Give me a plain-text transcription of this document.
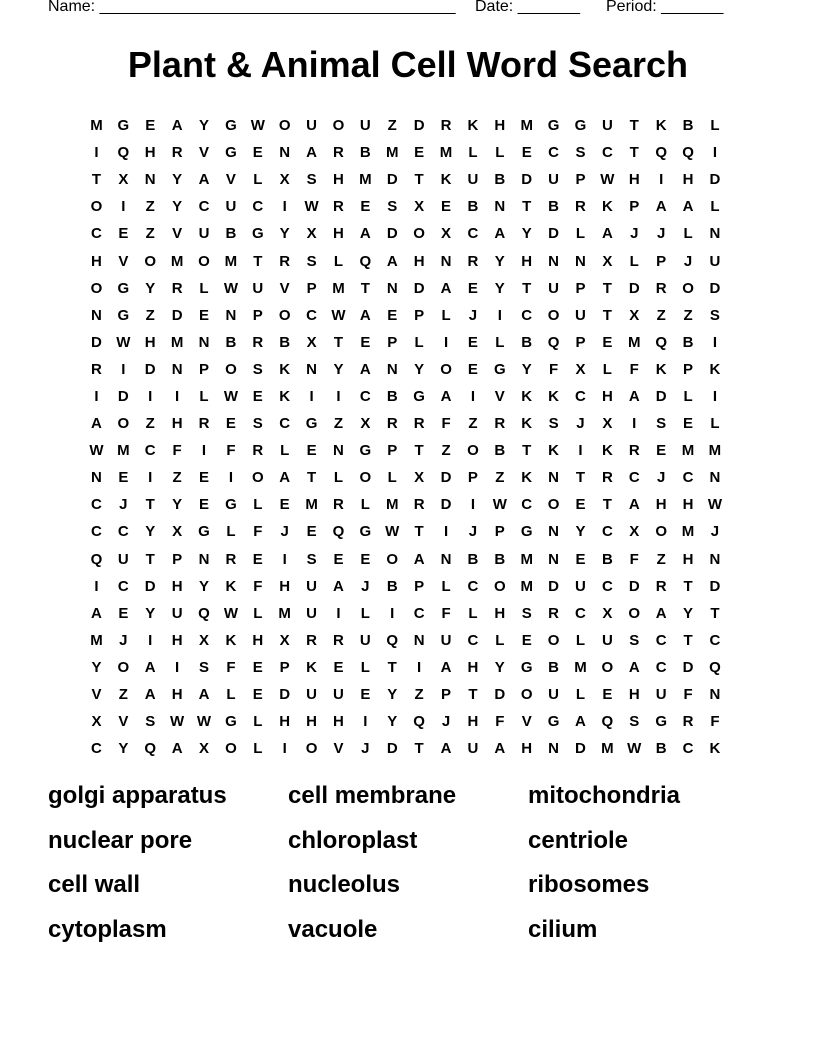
Name: ________________________________________ Date: _______ Period: _______
Plant & Animal Cell Word Search
M G	E	A	Y	G W O	U	O	U	Z	D	R	K	H	M G	G	U	T	K	B	L
I	Q	H	R	V	G	E	N	A	R	B	M	E	M	L	L	E	C	S	C	T	Q	Q	I
T	X	N	Y	A	V	L	X	S	H	M	D	T	K	U	B	D	U	P W H	I	H	D
O	I	Z	Y	C	U	C	I	W R	E	S	X	E	B	N	T	B	R	K	P	A	A	L
C	E	Z	V	U	B	G	Y	X	H	A	D	O	X	C	A	Y	D	L	A	J	J	L	N
H	V	O M O M	T	R	S	L	Q	A	H	N	R	Y	H	N	N	X	L	P	J	U
O	G	Y	R	L	W U	V	P	M	T	N	D	A	E	Y	T	U	P	T	D	R	O	D
N	G	Z	D	E	N	P	O	C W A	E	P	L	J	I	C	O	U	T	X	Z	Z	S
D W H	M	N	B	R	B	X	T	E	P	L	I	E	L	B	Q	P	E	M Q	B	I
R	I	D	N	P	O	S	K	N	Y	A	N	Y	O	E	G	Y	F	X	L	F	K	P	K
I	D	I	I	L	W E	K	I	I	C	B	G	A	I	V	K	K	C	H	A	D	L	I
A	O	Z	H	R	E	S	C	G	Z	X	R	R	F	Z	R	K	S	J	X	I	S	E	L
W M	C	F	I	F	R	L	E	N	G	P	T	Z	O	B	T	K	I	K	R	E	M M
N	E	I	Z	E	I	O	A	T	L	O	L	X	D	P	Z	K	N	T	R	C	J	C	N
C	J	T	Y	E	G	L	E	M	R	L	M	R	D	I	W C	O	E	T	A	H	H W
C	C	Y	X	G	L	F	J	E	Q	G W	T	I	J	P	G	N	Y	C	X	O M	J
Q	U	T	P	N	R	E	I	S	E	E	O	A	N	B	B	M	N	E	B	F	Z	H	N
I	C	D	H	Y	K	F	H	U	A	J	B	P	L	C	O M	D	U	C	D	R	T	D
A	E	Y	U	Q W	L	M	U	I	L	I	C	F	L	H	S	R	C	X	O	A	Y	T
M	J	I	H	X	K	H	X	R	R	U	Q	N	U	C	L	E	O	L	U	S	C	T	C
Y	O	A	I	S	F	E	P	K	E	L	T	I	A	H	Y	G	B	M O	A	C	D	Q
V	Z	A	H	A	L	E	D	U	U	E	Y	Z	P	T	D	O	U	L	E	H	U	F	N
X	V	S W W G	L	H	H	H	I	Y	Q	J	H	F	V	G	A	Q	S	G	R	F
C	Y	Q	A	X	O	L	I	O	V	J	D	T	A	U	A	H	N	D	M W B	C	K
golgi apparatus	cell membrane	mitochondria
nuclear pore	chloroplast	centriole
cell wall	nucleolus	ribosomes
cytoplasm	vacuole	cilium
